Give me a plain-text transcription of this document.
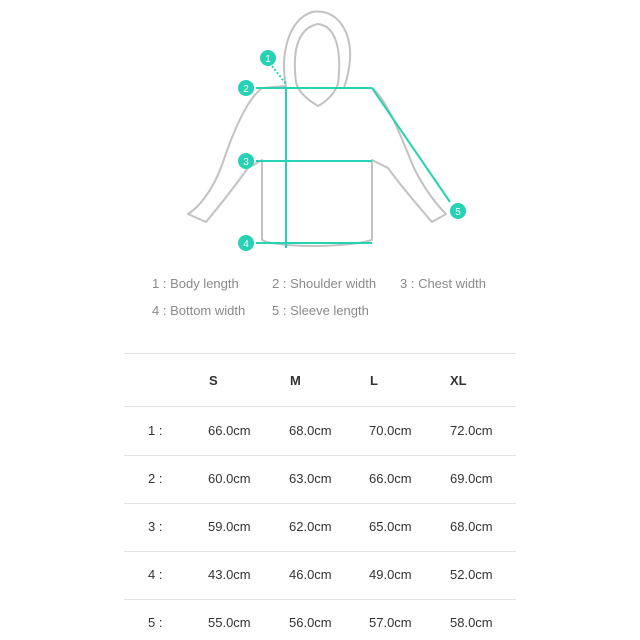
1
2
3
4
5
1 : Body length	2 : Shoulder width 3 : Chest width
4 : Bottom width 5 : Sleeve length
S	M	L	XL
1 :	66.0cm	68.0cm	70.0cm	72.0cm
2 :	60.0cm	63.0cm	66.0cm	69.0cm
3 :	59.0cm	62.0cm	65.0cm	68.0cm
4 :	43.0cm	46.0cm	49.0cm	52.0cm
5 :	55.0cm	56.0cm	57.0cm	58.0cm
